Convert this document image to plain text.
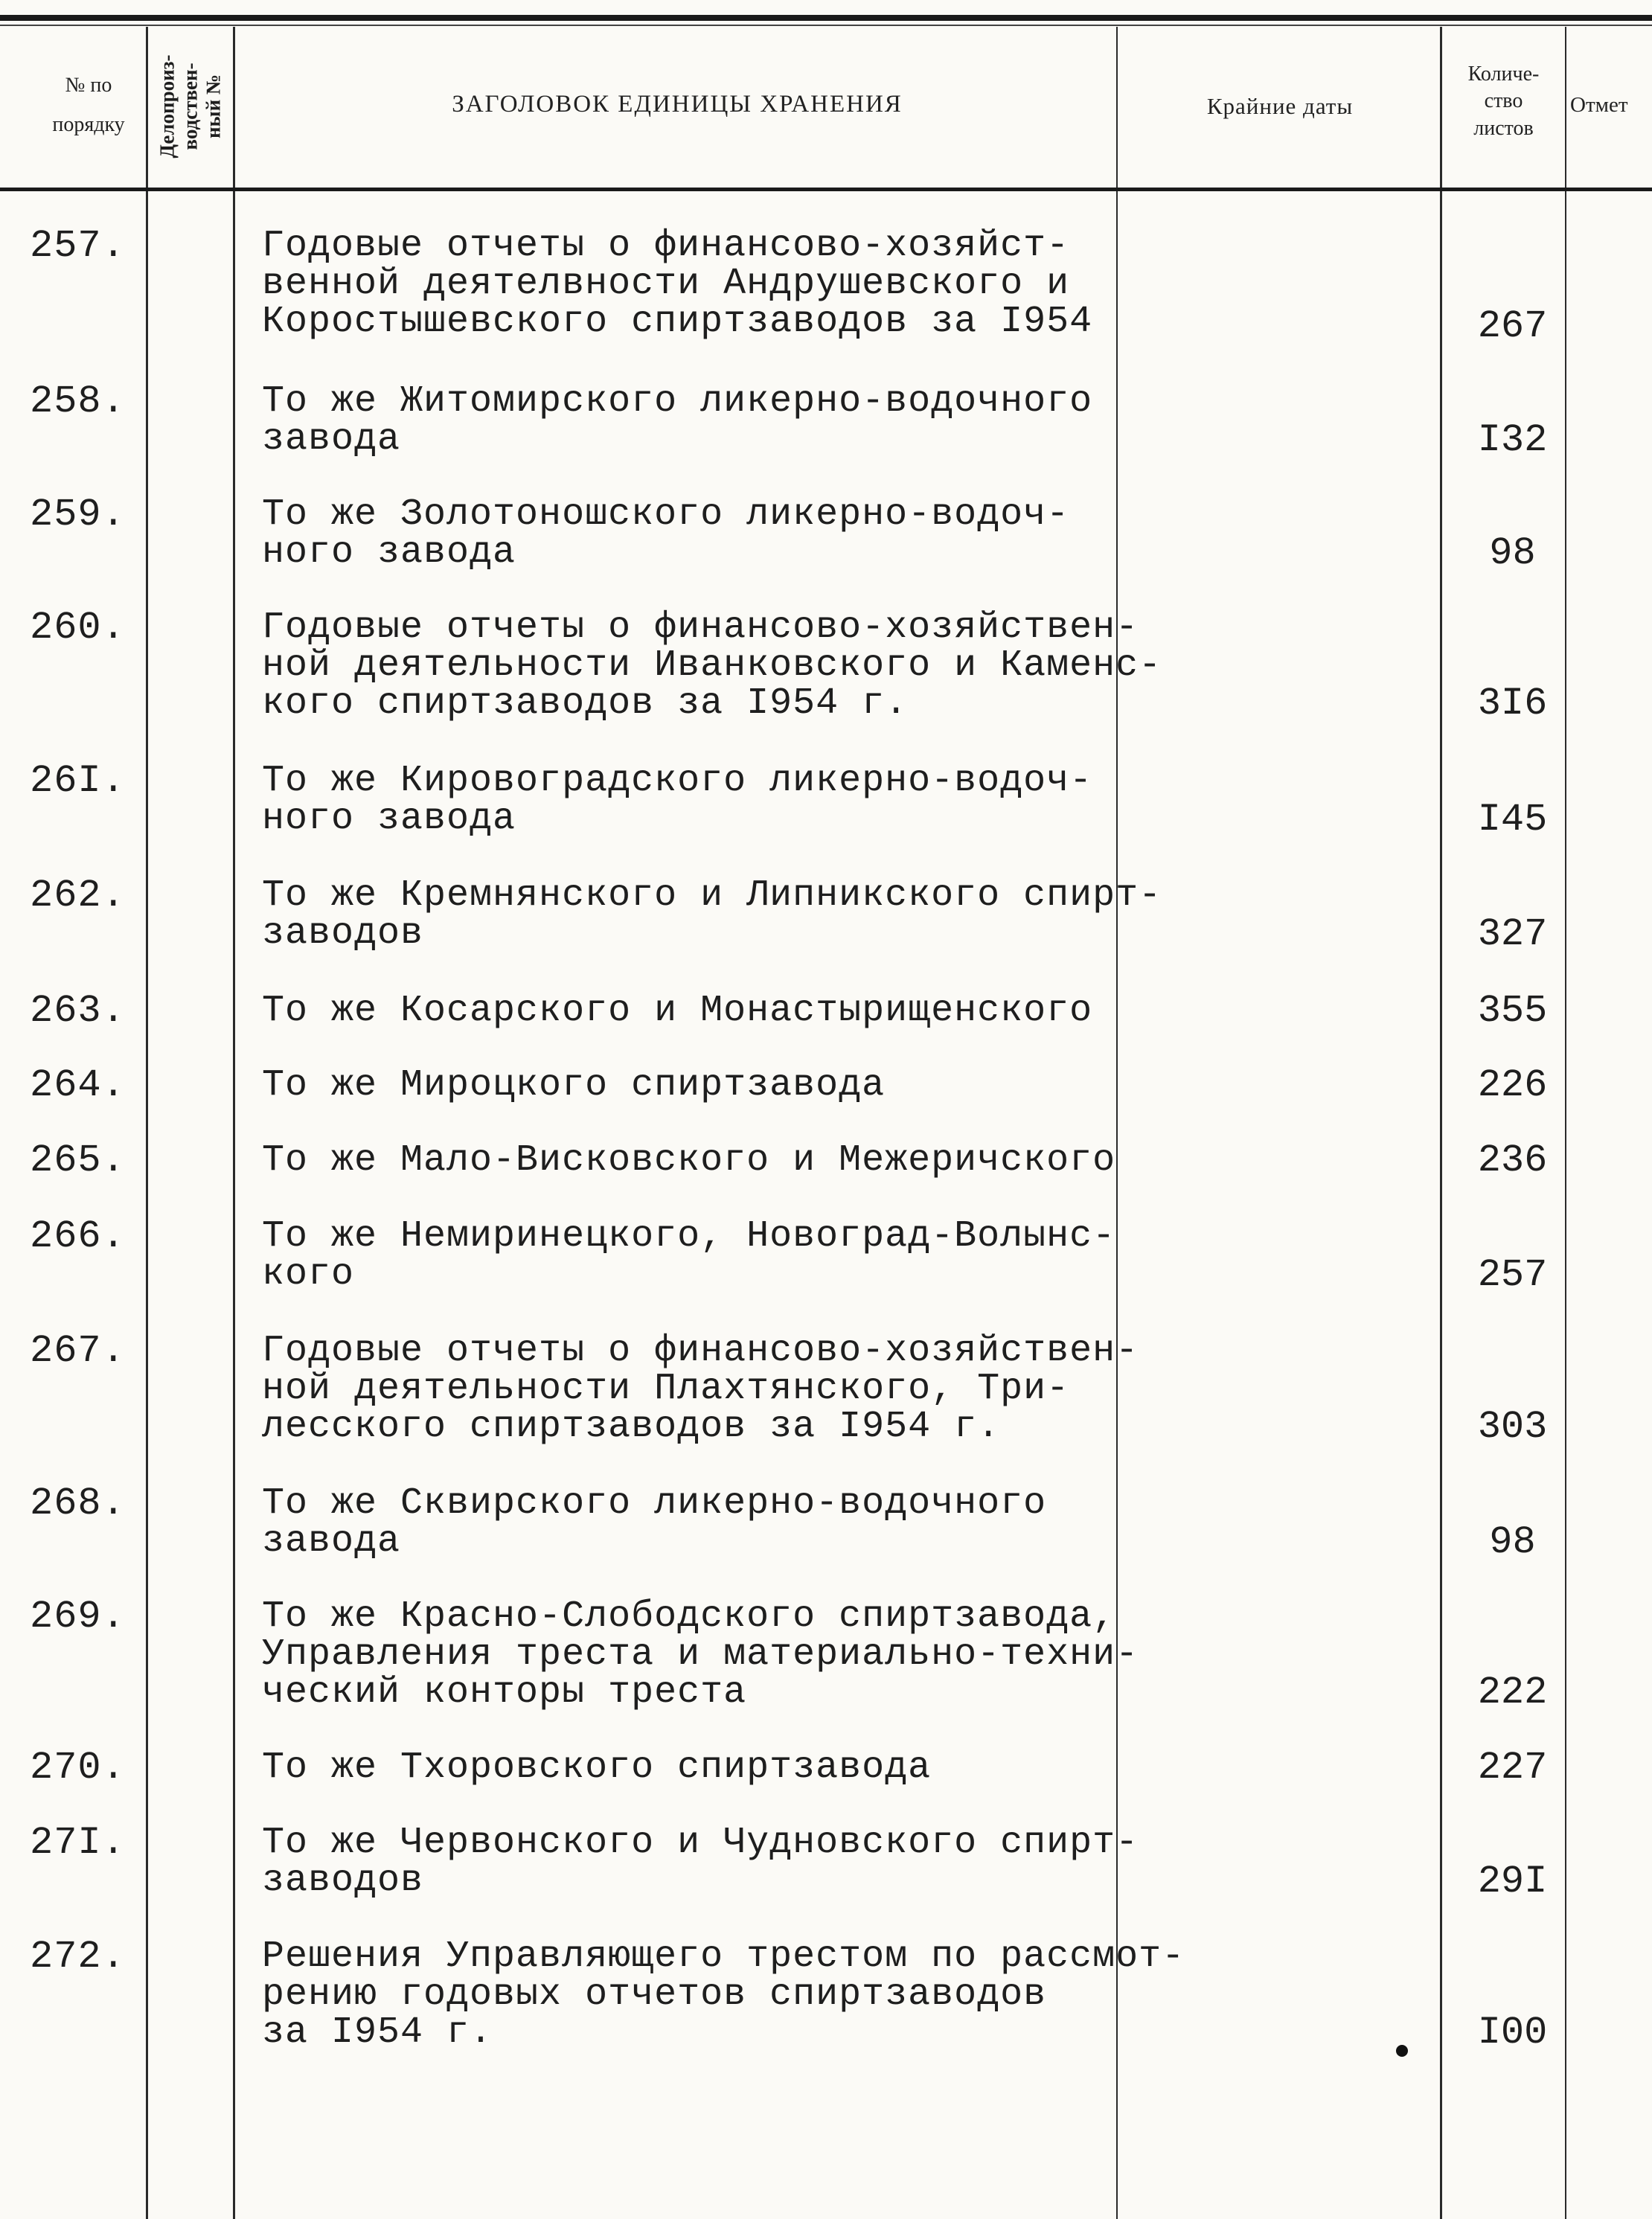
№ по
порядку	Делопроиз-
водствен-
ный №
ЗАГОЛОВОК ЕДИНИЦЫ ХРАНЕНИЯ	Крайние даты
Количе-
ство
листов
Отмет
257.	Годовые отчеты о финансово-хозяйст-
венной деятелвности Андрушевского и
Коростышевского спиртзаводов за I954	267
258.	То же Житомирского ликерно-водочного
завода	I32
259.	То же Золотоношского ликерно-водоч-
ного завода	98
260.	Годовые отчеты о финансово-хозяйствен-
ной деятельности Иванковского и Каменс-
кого спиртзаводов за I954 г.	3I6
26I.	То же Кировоградского ликерно-водоч-
ного завода	I45
262.	То же Кремнянского и Липникского спирт-
заводов	327
263.	То же Косарского и Монастырищенского	355
264.	То же Мироцкого спиртзавода	226
265.	То же Мало-Висковского и Межеричского	236
266.	То же Немиринецкого, Новоград-Волынс-
кого	257
267.	Годовые отчеты о финансово-хозяйствен-
ной деятельности Плахтянского, Три-
лесского спиртзаводов за I954 г.	303
268.	То же Сквирского ликерно-водочного
завода	98
269.	То же Красно-Слободского спиртзавода,
Управления треста и материально-техни-
ческий конторы треста	222
270.	То же Тхоровского спиртзавода	227
27I.	То же Червонского и Чудновского спирт-
заводов	29I
272.	Решения Управляющего трестом по рассмот-
рению годовых отчетов спиртзаводов
за I954 г.	I00
